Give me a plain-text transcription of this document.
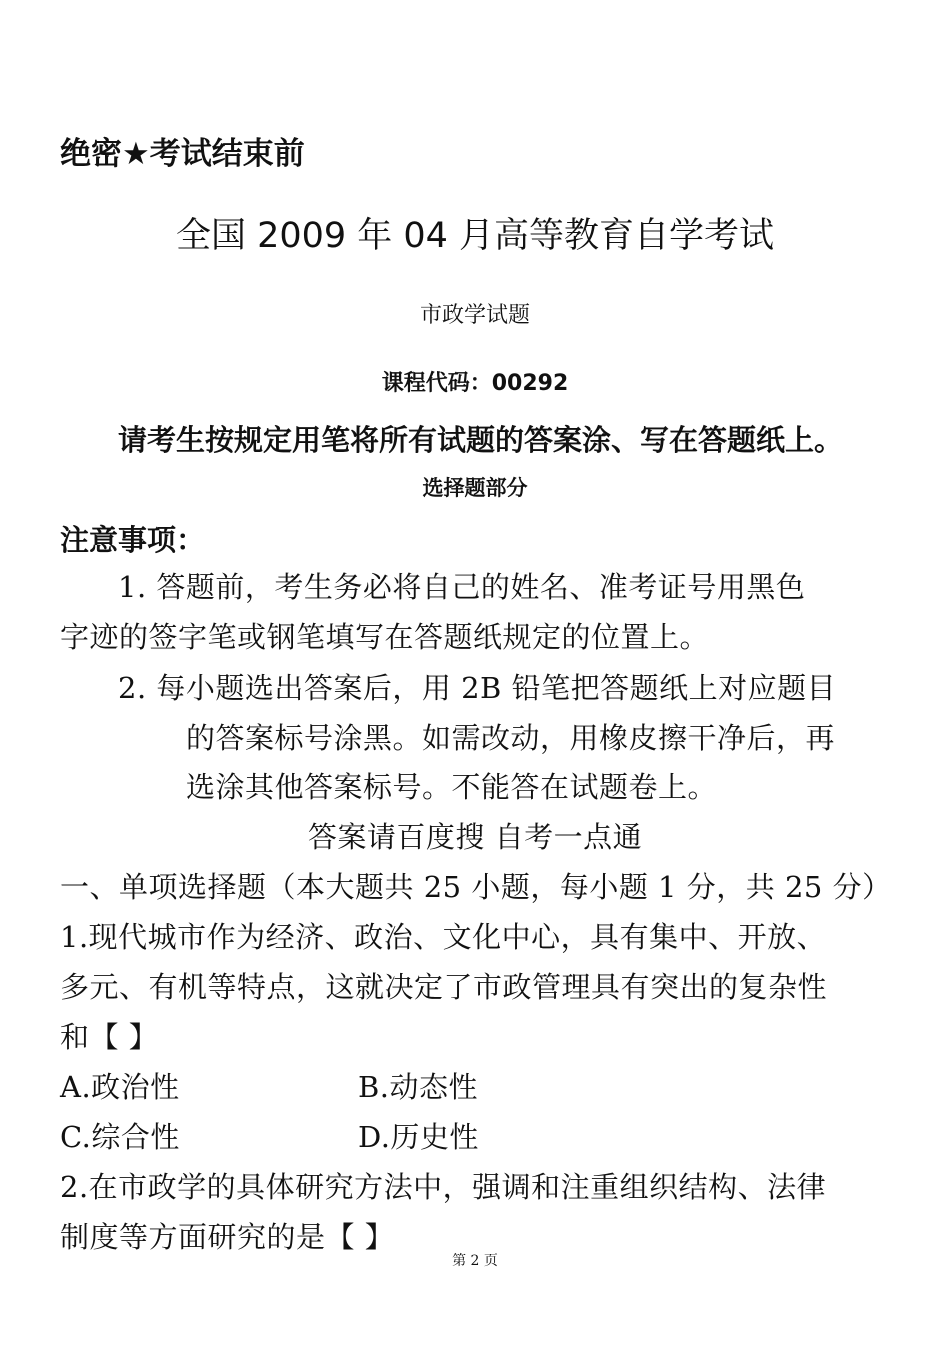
绝密★考试结束前
全国 2009 年 04 月高等教育自学考试
市政学试题
课程代码：00292
请考生按规定用笔将所有试题的答案涂、写在答题纸上。
选择题部分
注意事项：
1. 答题前，考生务必将自己的姓名、准考证号用黑色
字迹的签字笔或钢笔填写在答题纸规定的位置上。
2. 每小题选出答案后，用 2B 铅笔把答题纸上对应题目
的答案标号涂黑。如需改动，用橡皮擦干净后，再
选涂其他答案标号。不能答在试题卷上。
答案请百度搜 自考一点通
一、单项选择题（本大题共 25 小题，每小题 1 分，共 25 分）
1.现代城市作为经济、政治、文化中心，具有集中、开放、
多元、有机等特点，这就决定了市政管理具有突出的复杂性
和【 】
A.政治性	B.动态性
C.综合性	D.历史性
2.在市政学的具体研究方法中，强调和注重组织结构、法律
制度等方面研究的是【 】
第 2 页
